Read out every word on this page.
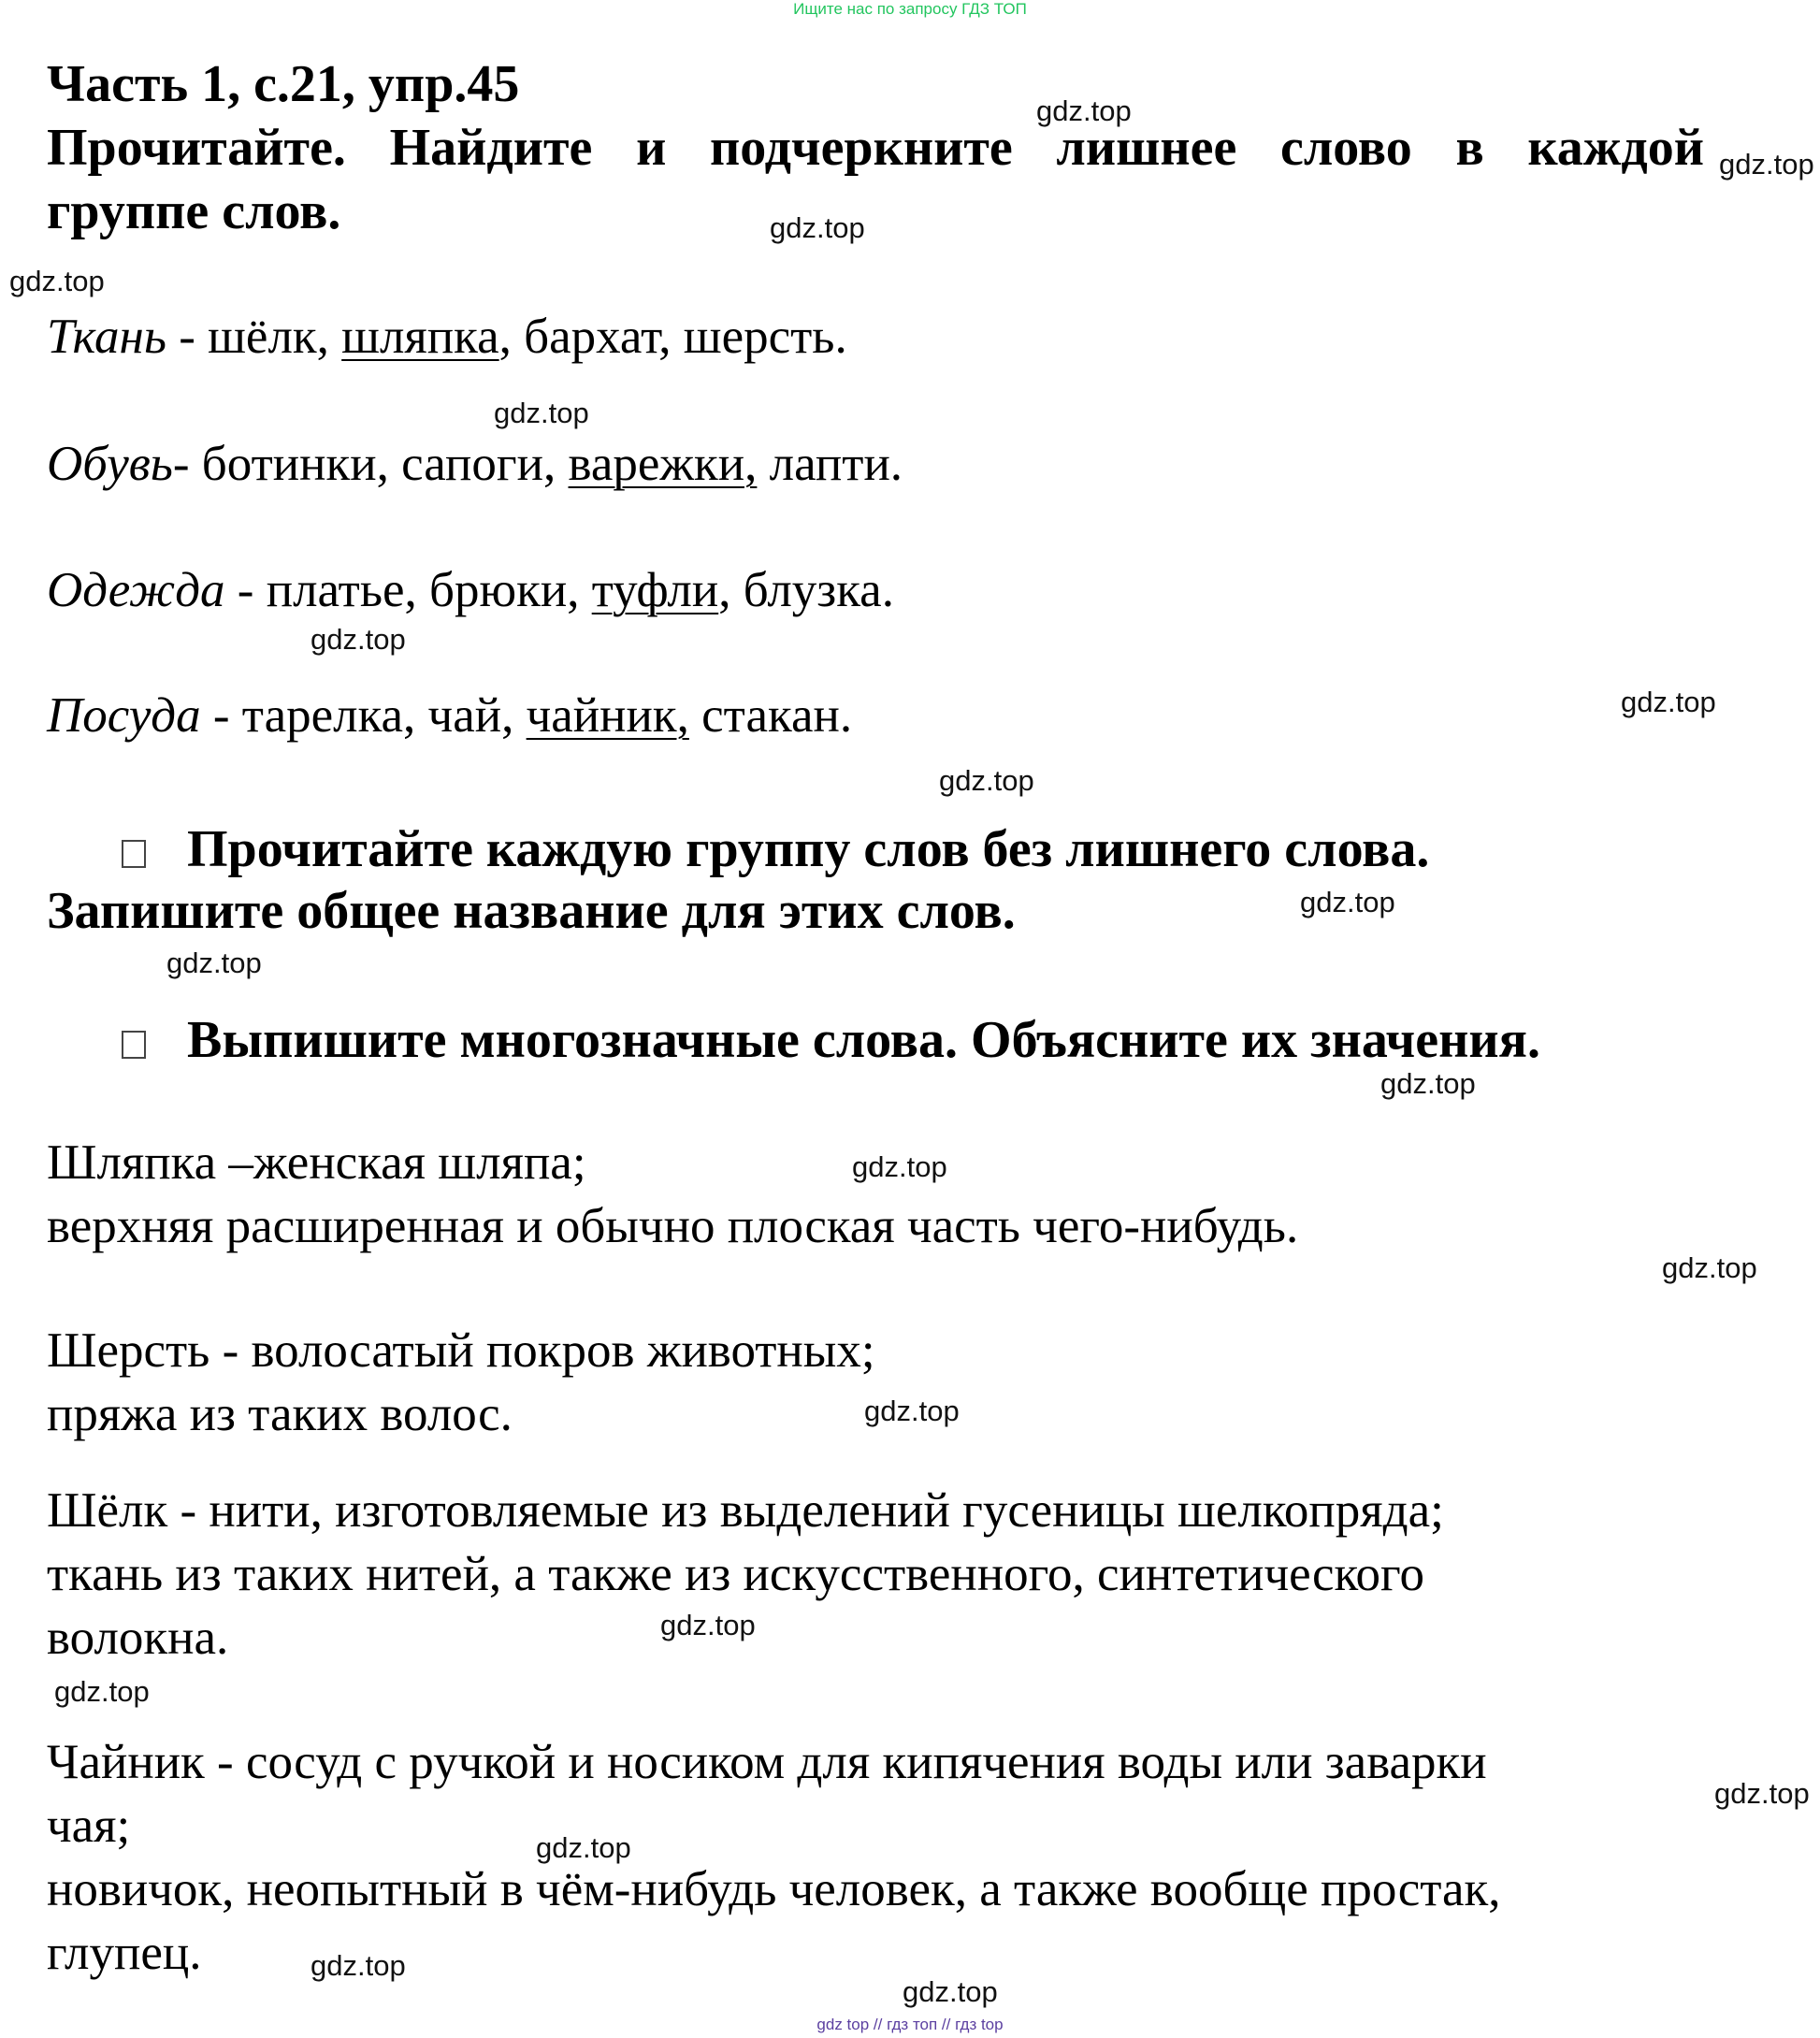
Ищите нас по запросу ГДЗ ТОП
Часть 1, с.21, упр.45
Прочитайте. Найдите и подчеркните лишнее слово в каждой
группе слов.
Ткань - шёлк, шляпка, бархат, шерсть.
Обувь- ботинки, сапоги, варежки, лапти.
Одежда - платье, брюки, туфли, блузка.
Посуда - тарелка, чай, чайник, стакан.
Прочитайте каждую группу слов без лишнего слова.
Запишите общее название для этих слов.
Выпишите многозначные слова. Объясните их значения.
Шляпка –женская шляпа;
верхняя расширенная и обычно плоская часть чего-нибудь.
Шерсть - волосатый покров животных;
пряжа из таких волос.
Шёлк - нити, изготовляемые из выделений гусеницы шелкопряда;
ткань из таких нитей, а также из искусственного, синтетического
волокна.
Чайник - сосуд с ручкой и носиком для кипячения воды или заварки
чая;
новичок, неопытный в чём-нибудь человек, а также вообще простак,
глупец.
gdz.top
gdz.top
gdz.top
gdz.top
gdz.top
gdz.top
gdz.top
gdz.top
gdz.top
gdz.top
gdz.top
gdz.top
gdz.top
gdz.top
gdz.top
gdz.top
gdz.top
gdz.top
gdz.top
gdz.top
gdz top // гдз топ // гдз top
